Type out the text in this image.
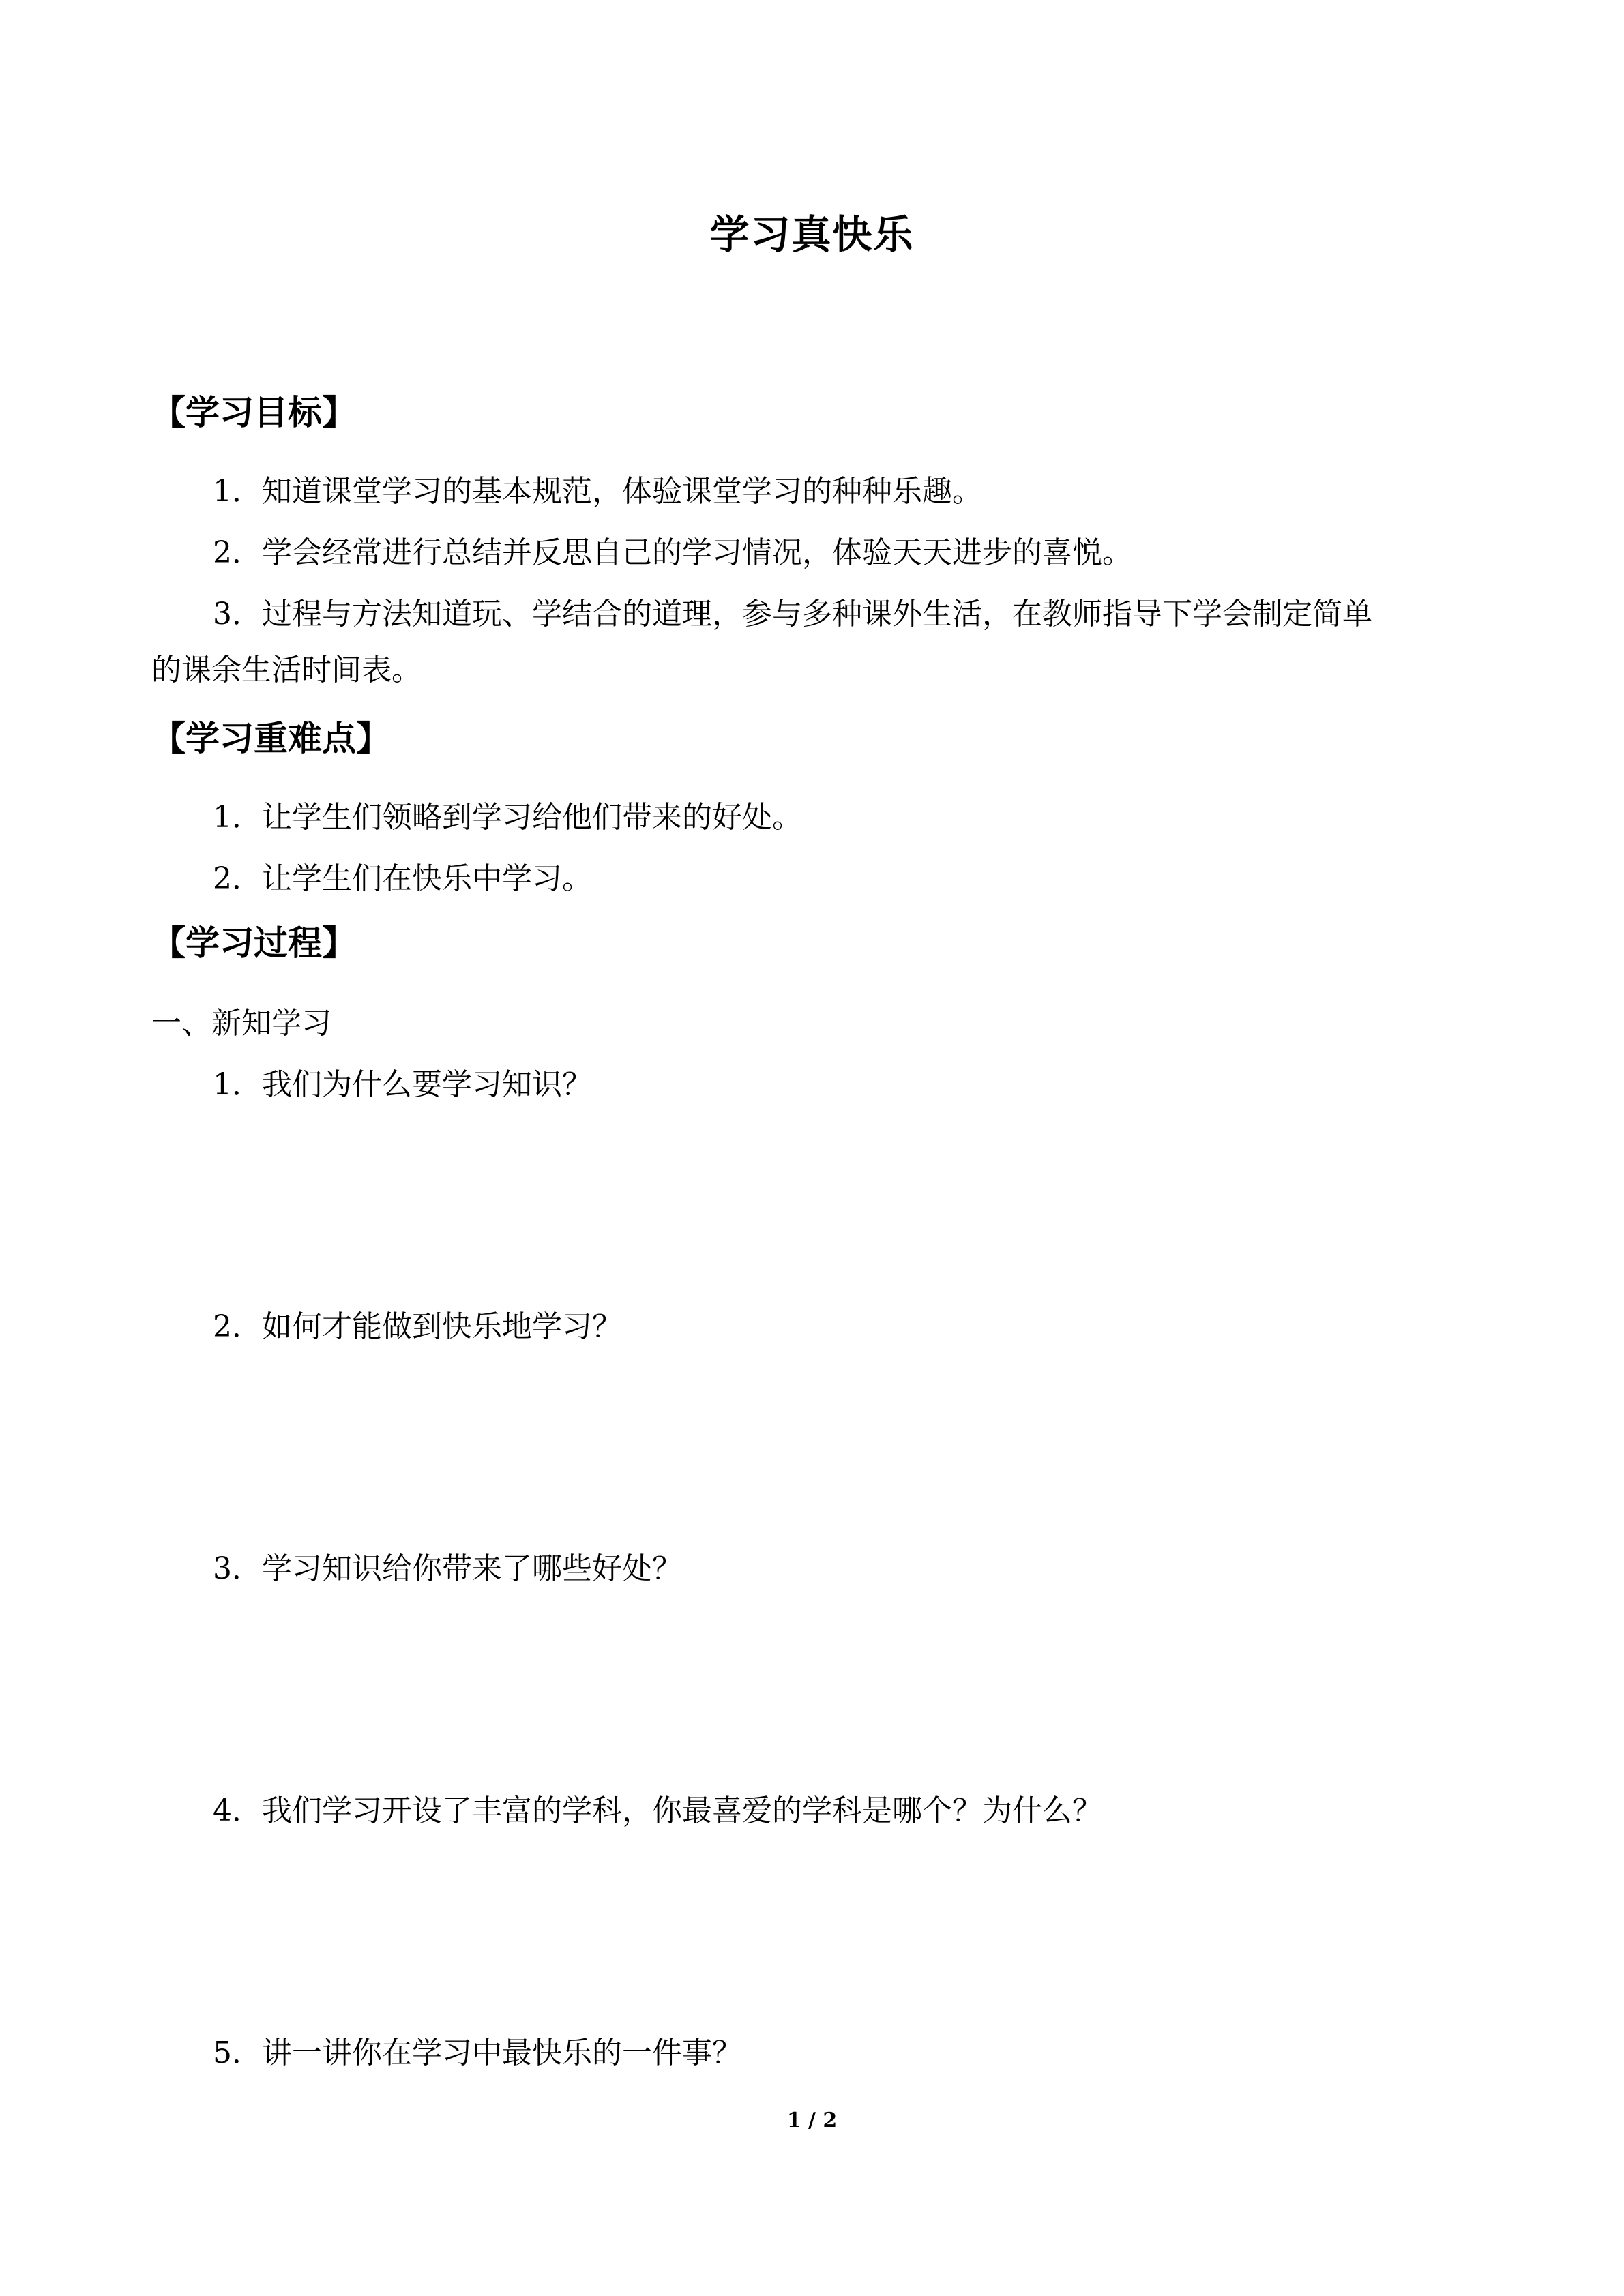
学习真快乐
【学习目标】
1．知道课堂学习的基本规范，体验课堂学习的种种乐趣。
2．学会经常进行总结并反思自己的学习情况，体验天天进步的喜悦。
3．过程与方法知道玩、学结合的道理，参与多种课外生活，在教师指导下学会制定简单
的课余生活时间表。
【学习重难点】
1．让学生们领略到学习给他们带来的好处。
2．让学生们在快乐中学习。
【学习过程】
一、新知学习
1．我们为什么要学习知识？
2．如何才能做到快乐地学习？
3．学习知识给你带来了哪些好处？
4．我们学习开设了丰富的学科，你最喜爱的学科是哪个？为什么？
5．讲一讲你在学习中最快乐的一件事？
1 / 2
